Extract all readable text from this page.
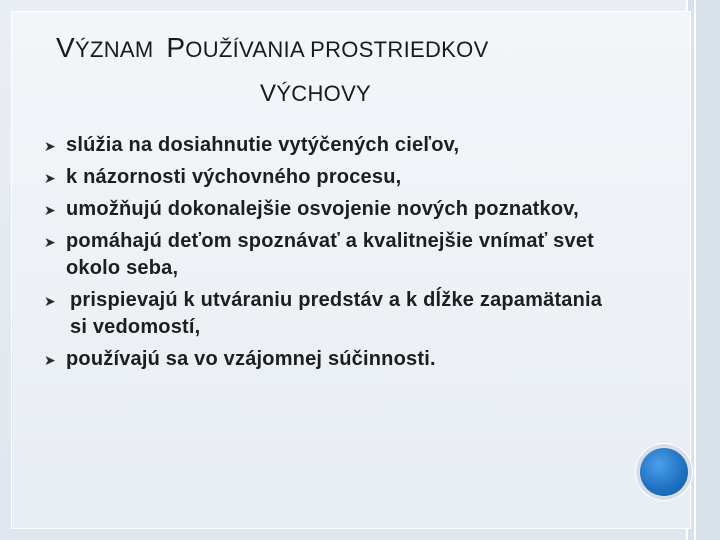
VÝZNAM  POUŽÍVANIA PROSTRIEDKOV
VÝCHOVY
➤ slúžia na dosiahnutie vytýčených cieľov,
➤ k názornosti výchovného procesu,
➤ umožňujú dokonalejšie osvojenie nových poznatkov,
➤ pomáhajú deťom spoznávať a kvalitnejšie vnímať svet okolo seba,
➤ prispievajú k utváraniu predstáv a k dĺžke zapamätania si vedomostí,
➤ používajú sa vo vzájomnej súčinnosti.
